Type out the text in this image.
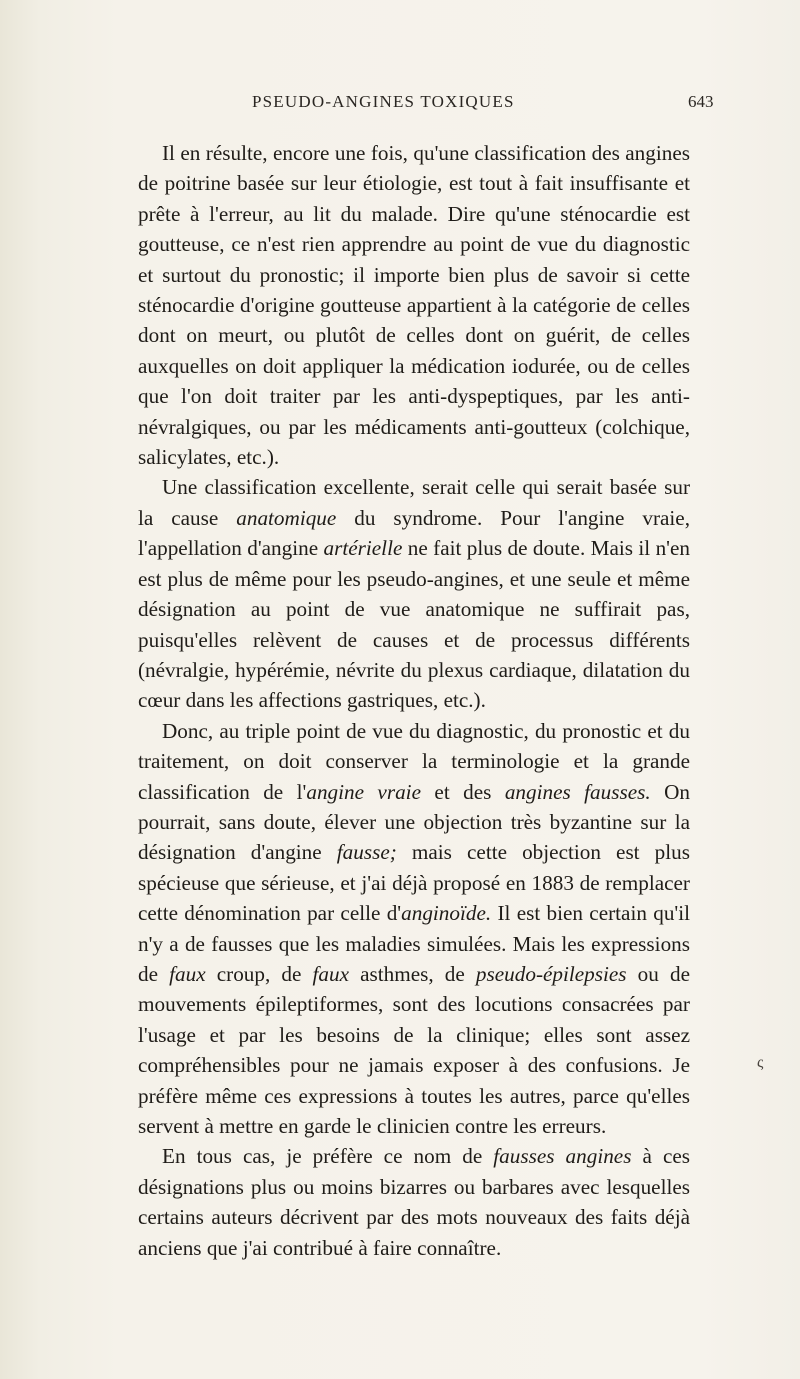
PSEUDO-ANGINES TOXIQUES	643

Il en résulte, encore une fois, qu'une classification des angines de poitrine basée sur leur étiologie, est tout à fait insuffisante et prête à l'erreur, au lit du malade. Dire qu'une sténocardie est goutteuse, ce n'est rien apprendre au point de vue du diagnostic et surtout du pronostic; il importe bien plus de savoir si cette sténocardie d'origine goutteuse appartient à la catégorie de celles dont on meurt, ou plutôt de celles dont on guérit, de celles auxquelles on doit appliquer la médication iodurée, ou de celles que l'on doit traiter par les anti-dyspeptiques, par les anti-névralgiques, ou par les médicaments anti-goutteux (colchique, salicylates, etc.).

Une classification excellente, serait celle qui serait basée sur la cause anatomique du syndrome. Pour l'angine vraie, l'appellation d'angine artérielle ne fait plus de doute. Mais il n'en est plus de même pour les pseudo-angines, et une seule et même désignation au point de vue anatomique ne suffirait pas, puisqu'elles relèvent de causes et de processus différents (névralgie, hypérémie, névrite du plexus cardiaque, dilatation du cœur dans les affections gastriques, etc.).

Donc, au triple point de vue du diagnostic, du pronostic et du traitement, on doit conserver la terminologie et la grande classification de l'angine vraie et des angines fausses. On pourrait, sans doute, élever une objection très byzantine sur la désignation d'angine fausse; mais cette objection est plus spécieuse que sérieuse, et j'ai déjà proposé en 1883 de remplacer cette dénomination par celle d'anginoïde. Il est bien certain qu'il n'y a de fausses que les maladies simulées. Mais les expressions de faux croup, de faux asthmes, de pseudo-épilepsies ou de mouvements épileptiformes, sont des locutions consacrées par l'usage et par les besoins de la clinique; elles sont assez compréhensibles pour ne jamais exposer à des confusions. Je préfère même ces expressions à toutes les autres, parce qu'elles servent à mettre en garde le clinicien contre les erreurs.

En tous cas, je préfère ce nom de fausses angines à ces désignations plus ou moins bizarres ou barbares avec lesquelles certains auteurs décrivent par des mots nouveaux des faits déjà anciens que j'ai contribué à faire connaître.

ς
